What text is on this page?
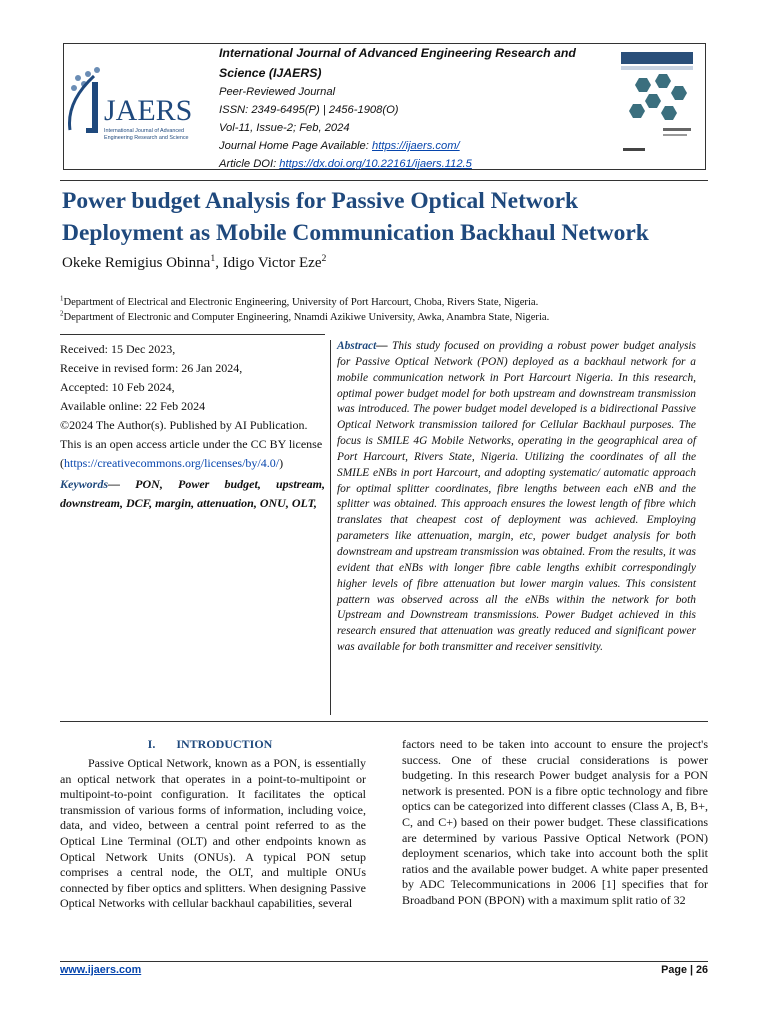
JAERS
International Journal of Advanced
Engineering Research and Science
International Journal of Advanced Engineering Research and
Science (IJAERS)
Peer-Reviewed Journal
ISSN: 2349-6495(P) | 2456-1908(O)
Vol-11, Issue-2; Feb, 2024
Journal Home Page Available: https://ijaers.com/
Article DOI: https://dx.doi.org/10.22161/ijaers.112.5
Power budget Analysis for Passive Optical Network
Deployment as Mobile Communication Backhaul Network
Okeke Remigius Obinna$^1$, Idigo Victor Eze$^2$
$^1$Department of Electrical and Electronic Engineering, University of Port Harcourt, Choba, Rivers State, Nigeria.
$^2$Department of Electronic and Computer Engineering, Nnamdi Azikiwe University, Awka, Anambra State, Nigeria.

Received: 15 Dec 2023,

Receive in revised form: 26 Jan 2024,

Accepted: 10 Feb 2024,

Available online: 22 Feb 2024

©2024 The Author(s). Published by AI Publication. This is an open access article under the CC BY license
(https://creativecommons.org/licenses/by/4.0/)

Keywords— PON, Power budget, upstream, downstream, DCF, margin, attenuation, ONU, OLT,

Abstract— This study focused on providing a robust power budget analysis for Passive Optical Network (PON) deployed as a backhaul network for a mobile communication network in Port Harcourt Nigeria. In this research, optimal power budget model for both upstream and downstream transmission was introduced. The power budget model developed is a bidirectional Passive Optical Network transmission tailored for Cellular Backhaul purposes. The focus is SMILE 4G Mobile Networks, operating in the geographical area of Port Harcourt, Rivers State, Nigeria. Utilizing the coordinates of all the SMILE eNBs in port Harcourt, and adopting systematic/ automatic approach for optimal splitter coordinates, fibre lengths between each eNB and the splitter was obtained. This approach ensures the lowest length of fibre which translates that cheapest cost of deployment was achieved. Employing parameters like attenuation, margin, etc, power budget analysis for both downstream and upstream transmission was obtained. From the results, it was evident that eNBs with longer fibre cable lengths exhibit correspondingly higher levels of fibre attenuation but lower margin values. This consistent pattern was observed across all the eNBs within the network for both Upstream and Downstream transmissions. Power Budget achieved in this research ensured that attenuation was greatly reduced and significant power was available for both transmitter and receiver sensitivity.
I. INTRODUCTION

Passive Optical Network, known as a PON, is essentially an optical network that operates in a point-to-multipoint or multipoint-to-point configuration. It facilitates the optical transmission of various forms of information, including voice, data, and video, between a central point referred to as the Optical Line Terminal (OLT) and other endpoints known as Optical Network Units (ONUs). A typical PON setup comprises a central node, the OLT, and multiple ONUs connected by fiber optics and splitters. When designing Passive Optical Networks with cellular backhaul capabilities, several

factors need to be taken into account to ensure the project's success. One of these crucial considerations is power budgeting. In this research Power budget analysis for a PON network is presented. PON is a fibre optic technology and fibre optics can be categorized into different classes (Class A, B, B+, C, and C+) based on their power budget. These classifications are determined by various Passive Optical Network (PON) deployment scenarios, which take into account both the split ratios and the available power budget. A white paper presented by ADC Telecommunications in 2006 [1] specifies that for Broadband PON (BPON) with a maximum split ratio of 32

www.ijaers.com	Page | 26
